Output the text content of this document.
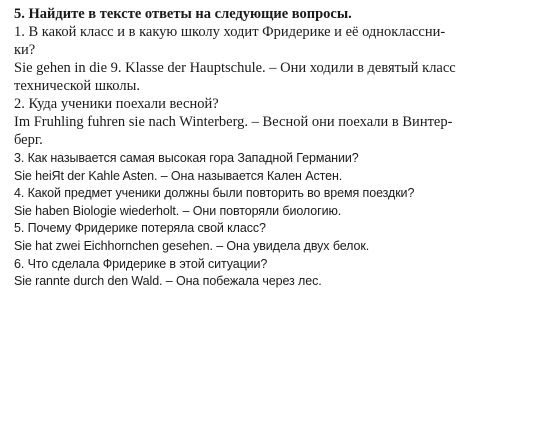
5. Найдите в тексте ответы на следующие вопросы.

1. В какой класс и в какую школу ходит Фридерике и её одноклассни-

ки?

Sie gehen in die 9. Klasse der Hauptschule. – Они ходили в девятый класс

технической школы.

2. Куда ученики поехали весной?

Im Fruhling fuhren sie nach Winterberg. – Весной они поехали в Винтер-

берг.

3. Как называется самая высокая гора Западной Германии?

Sie heiЯt der Kahle Asten. – Она называется Кален Астен.

4. Какой предмет ученики должны были повторить во время поездки?

Sie haben Biologie wiederholt. – Они повторяли биологию.

5. Почему Фридерике потеряла свой класс?

Sie hat zwei Eichhornchen gesehen. – Она увидела двух белок.

6. Что сделала Фридерике в этой ситуации?

Sie rannte durch den Wald. – Она побежала через лес.
